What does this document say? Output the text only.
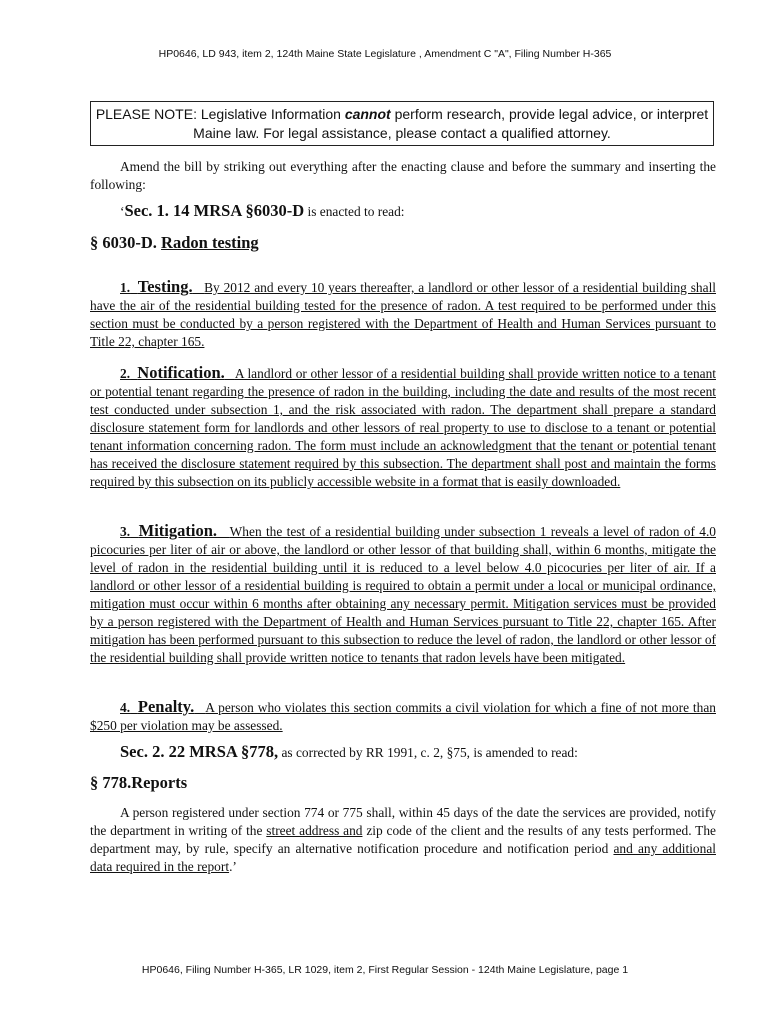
HP0646, LD 943, item 2, 124th Maine State Legislature , Amendment C "A", Filing Number H-365
PLEASE NOTE: Legislative Information cannot perform research, provide legal advice, or interpret Maine law. For legal assistance, please contact a qualified attorney.

Amend the bill by striking out everything after the enacting clause and before the summary and inserting the following:

‘Sec. 1. 14 MRSA §6030-D is enacted to read:

§ 6030-D. Radon testing

1. Testing. By 2012 and every 10 years thereafter, a landlord or other lessor of a residential building shall have the air of the residential building tested for the presence of radon. A test required to be performed under this section must be conducted by a person registered with the Department of Health and Human Services pursuant to Title 22, chapter 165.

2. Notification. A landlord or other lessor of a residential building shall provide written notice to a tenant or potential tenant regarding the presence of radon in the building, including the date and results of the most recent test conducted under subsection 1, and the risk associated with radon. The department shall prepare a standard disclosure statement form for landlords and other lessors of real property to use to disclose to a tenant or potential tenant information concerning radon. The form must include an acknowledgment that the tenant or potential tenant has received the disclosure statement required by this subsection. The department shall post and maintain the forms required by this subsection on its publicly accessible website in a format that is easily downloaded.

3. Mitigation. When the test of a residential building under subsection 1 reveals a level of radon of 4.0 picocuries per liter of air or above, the landlord or other lessor of that building shall, within 6 months, mitigate the level of radon in the residential building until it is reduced to a level below 4.0 picocuries per liter of air. If a landlord or other lessor of a residential building is required to obtain a permit under a local or municipal ordinance, mitigation must occur within 6 months after obtaining any necessary permit. Mitigation services must be provided by a person registered with the Department of Health and Human Services pursuant to Title 22, chapter 165. After mitigation has been performed pursuant to this subsection to reduce the level of radon, the landlord or other lessor of the residential building shall provide written notice to tenants that radon levels have been mitigated.

4. Penalty. A person who violates this section commits a civil violation for which a fine of not more than $250 per violation may be assessed.

Sec. 2. 22 MRSA §778, as corrected by RR 1991, c. 2, §75, is amended to read:

§ 778.Reports

A person registered under section 774 or 775 shall, within 45 days of the date the services are provided, notify the department in writing of the street address and zip code of the client and the results of any tests performed. The department may, by rule, specify an alternative notification procedure and notification period and any additional data required in the report.’

HP0646, Filing Number H-365, LR 1029, item 2, First Regular Session - 124th Maine Legislature, page 1
